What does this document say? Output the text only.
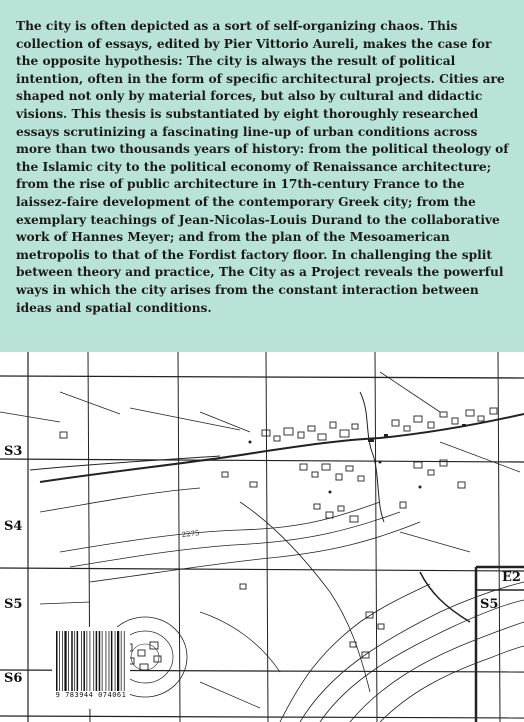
The city is often depicted as a sort of self-organizing chaos. This collection of essays, edited by Pier Vittorio Aureli, makes the case for the opposite hypothesis: The city is always the result of political intention, often in the form of specific architectural projects. Cities are shaped not only by material forces, but also by cultural and didactic visions. This thesis is substantiated by eight thoroughly researched essays scrutinizing a fascinating line-up of urban conditions across more than two thousands years of history: from the political theology of the Islamic city to the political economy of Renaissance architecture; from the rise of public architecture in 17th-century France to the laissez-faire development of the contemporary Greek city; from the exemplary teachings of Jean-Nicolas-Louis Durand to the collaborative work of Hannes Meyer; and from the plan of the Mesoamerican metropolis to that of the Fordist factory floor. In challenging the split between theory and practice, The City as a Project reveals the powerful ways in which the city arises from the constant interaction between ideas and spatial conditions.

2275
S3
S4
S5
S6
E2
S5
9 783944 074061
